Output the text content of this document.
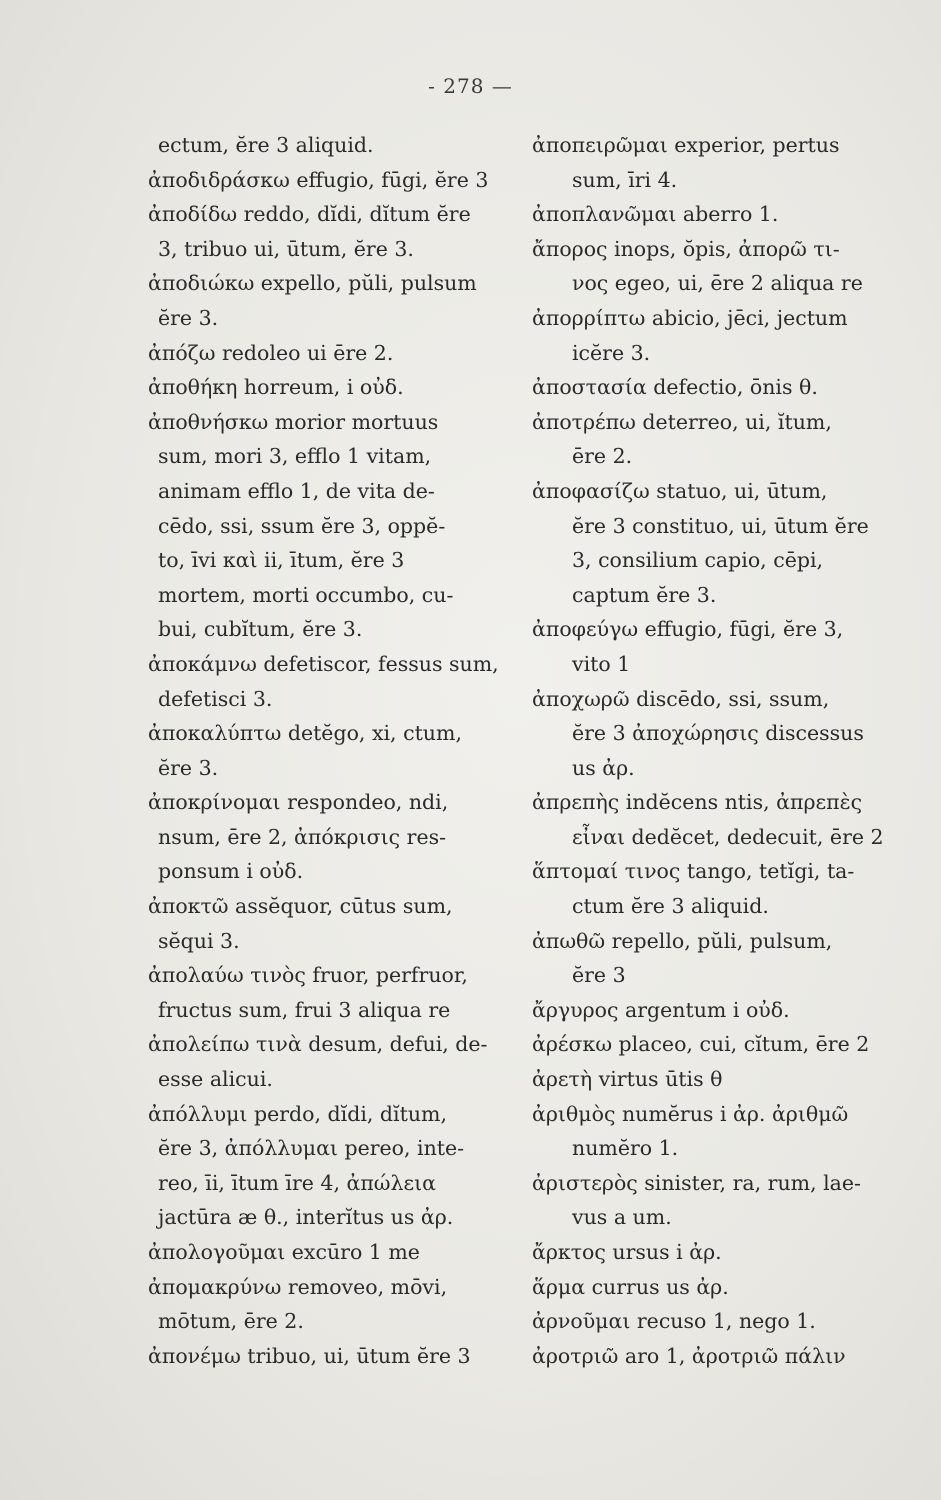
- 278 —
ectum, ĕre 3 aliquid.
ἀποδιδράσκω effugio, fūgi, ĕre 3
ἀποδίδω reddo, dĭdi, dĭtum ĕre
3, tribuo ui, ūtum, ĕre 3.
ἀποδιώκω expello, pŭli, pulsum
ĕre 3.
ἀπόζω redoleo ui ēre 2.
ἀποθήκη horreum, i οὐδ.
ἀποθνήσκω morior mortuus
sum, mori 3, efflo 1 vitam,
animam efflo 1, de vita de-
cēdo, ssi, ssum ĕre 3, oppĕ-
to, īvi καὶ ii, ītum, ĕre 3
mortem, morti occumbo, cu-
bui, cubĭtum, ĕre 3.
ἀποκάμνω defetiscor, fessus sum,
defetisci 3.
ἀποκαλύπτω detĕgo, xi, ctum,
ĕre 3.
ἀποκρίνομαι respondeo, ndi,
nsum, ēre 2, ἀπόκρισις res-
ponsum i οὐδ.
ἀποκτῶ assĕquor, cūtus sum,
sĕqui 3.
ἀπολαύω τινὸς fruor, perfruor,
fructus sum, frui 3 aliqua re
ἀπολείπω τινὰ desum, defui, de-
esse alicui.
ἀπόλλυμι perdo, dĭdi, dĭtum,
ĕre 3, ἀπόλλυμαι pereo, inte-
reo, īi, ītum īre 4, ἀπώλεια
jactūra æ θ., interĭtus us ἀρ.
ἀπολογοῦμαι excūro 1 me
ἀπομακρύνω removeo, mōvi,
mōtum, ēre 2.
ἀπονέμω tribuo, ui, ūtum ĕre 3
ἀποπειρῶμαι experior, pertus
sum, īri 4.
ἀποπλανῶμαι aberro 1.
ἄπορος inops, ŏpis, ἀπορῶ τι-
νος egeo, ui, ēre 2 aliqua re
ἀπορρίπτω abicio, jēci, jectum
icĕre 3.
ἀποστασία defectio, ōnis θ.
ἀποτρέπω deterreo, ui, ĭtum,
ēre 2.
ἀποφασίζω statuo, ui, ūtum,
ĕre 3 constituo, ui, ūtum ĕre
3, consilium capio, cēpi,
captum ĕre 3.
ἀποφεύγω effugio, fūgi, ĕre 3,
vito 1
ἀποχωρῶ discēdo, ssi, ssum,
ĕre 3 ἀποχώρησις discessus
us ἀρ.
ἀπρεπὴς indĕcens ntis, ἀπρεπὲς
εἶναι dedĕcet, dedecuit, ēre 2
ἅπτομαί τινος tango, tetĭgi, ta-
ctum ĕre 3 aliquid.
ἀπωθῶ repello, pŭli, pulsum,
ĕre 3
ἄργυρος argentum i οὐδ.
ἀρέσκω placeo, cui, cĭtum, ēre 2
ἀρετὴ virtus ūtis θ
ἀριθμὸς numĕrus i ἀρ. ἀριθμῶ
numĕro 1.
ἀριστερὸς sinister, ra, rum, lae-
vus a um.
ἄρκτος ursus i ἀρ.
ἅρμα currus us ἀρ.
ἀρνοῦμαι recuso 1, nego 1.
ἀροτριῶ aro 1, ἀροτριῶ πάλιν
